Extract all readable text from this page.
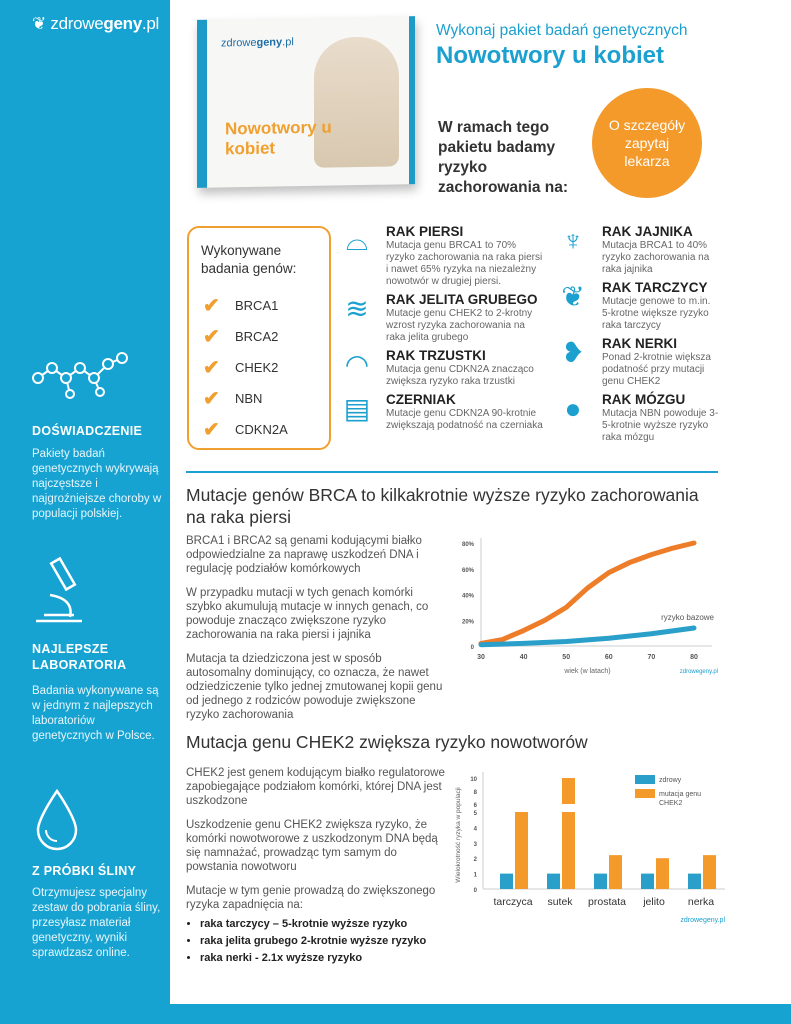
❦ zdrowegeny.pl
DOŚWIADCZENIE
Pakiety badań genetycznych wykrywają najczęstsze i najgroźniejsze choroby w populacji polskiej.
NAJLEPSZE LABORATORIA
Badania wykonywane są w jednym z najlepszych laboratoriów genetycznych w Polsce.
Z PRÓBKI ŚLINY
Otrzymujesz specjalny zestaw do pobrania śliny, przesyłasz materiał genetyczny, wyniki sprawdzasz online.
zdrowegeny.pl
Nowotwory u kobiet
Wykonaj pakiet badań genetycznych
Nowotwory u kobiet
W ramach tego pakietu badamy ryzyko zachorowania na:
O szczegóły zapytaj lekarza
Wykonywane badania genów:
✔ BRCA1
✔ BRCA2
✔ CHEK2
✔ NBN
✔ CDKN2A
⌓	RAK PIERSI
Mutacja genu BRCA1 to 70% ryzyko zachorowania na raka piersi i nawet 65% ryzyka na niezależny nowotwór w drugiej piersi.
≋	RAK JELITA GRUBEGO
Mutacje genu CHEK2 to 2-krotny wzrost ryzyka zachorowania na raka jelita grubego
◠	RAK TRZUSTKI
Mutacja genu CDKN2A znacząco zwiększa ryzyko raka trzustki
▤	CZERNIAK
Mutacje genu CDKN2A 90-krotnie zwiększają podatność na czerniaka
♆	RAK JAJNIKA
Mutacja BRCA1 to 40% ryzyko zachorowania na raka jajnika
❦	RAK TARCZYCY
Mutacje genowe to m.in. 5-krotne większe ryzyko raka tarczycy
❥	RAK NERKI
Ponad 2-krotnie większa podatność przy mutacji genu CHEK2
●	RAK MÓZGU
Mutacja NBN powoduje 3-5-krotnie wyższe ryzyko raka mózgu
Mutacje genów BRCA to kilkakrotnie wyższe ryzyko zachorowania na raka piersi

BRCA1 i BRCA2 są genami kodującymi białko odpowiedzialne za naprawę uszkodzeń DNA i regulację podziałów komórkowych

W przypadku mutacji w tych genach komórki szybko akumulują mutacje w innych genach, co powoduje znacząco zwiększone ryzyko zachorowania na raka piersi i jajnika

Mutacja ta dziedziczona jest w sposób autosomalny dominujący, co oznacza, że nawet odziedziczenie tylko jednej zmutowanej kopii genu od jednego z rodziców powoduje zwiększone ryzyko zachorowania

0
20%
40%
60%
80%
30	40	50	60	70	80
wiek (w latach)
ryzyko bazowe
zdrowegeny.pl
Mutacja genu CHEK2 zwiększa ryzyko nowotworów

CHEK2 jest genem kodującym białko regulatorowe zapobiegające podziałom komórki, której DNA jest uszkodzone

Uszkodzenie genu CHEK2 zwiększa ryzyko, że komórki nowotworowe z uszkodzonym DNA będą się namnażać, prowadząc tym samym do powstania nowotworu

Mutacje w tym genie prowadzą do zwiększonego ryzyka zapadnięcia na:

• raka tarczycy – 5-krotnie wyższe ryzyko
• raka jelita grubego 2-krotnie wyższe ryzyko
• raka nerki - 2.1x wyższe ryzyko
0
1
2
3
4
5
6
8
10
Wielokrotność ryzyka w populacji
tarczyca sutek prostata jelito nerka
zdrowy
mutacja genu
CHEK2
zdrowegeny.pl
